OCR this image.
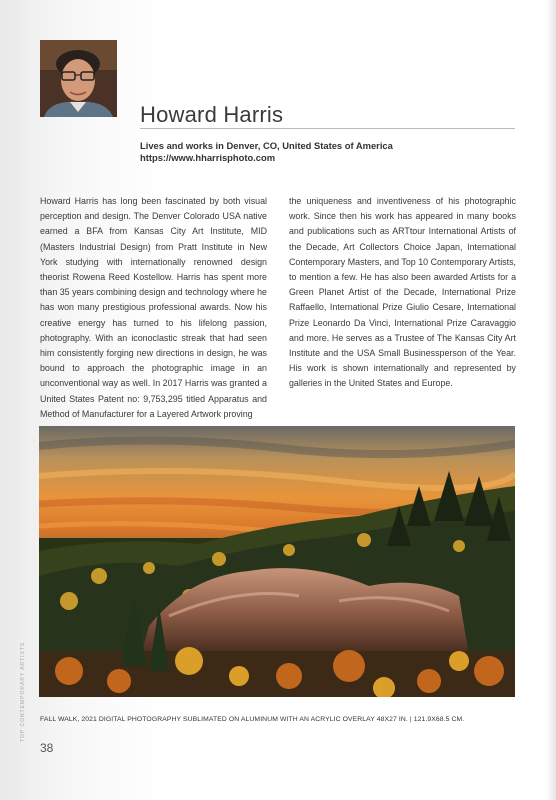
Howard Harris
Lives and works in Denver, CO, United States of America
https://www.hharrisphoto.com
Howard Harris has long been fascinated by both visual perception and design. The Denver Colorado USA native earned a BFA from Kansas City Art Institute, MID (Masters Industrial Design) from Pratt Institute in New York studying with internationally renowned design theorist Rowena Reed Kostellow. Harris has spent more than 35 years combining design and technology where he has won many prestigious professional awards. Now his creative energy has turned to his lifelong passion, photography. With an iconoclastic streak that had seen him consistently forging new directions in design, he was bound to approach the photographic image in an unconventional way as well. In 2017 Harris was granted a United States Patent no: 9,753,295 titled Apparatus and Method of Manufacturer for a Layered Artwork proving
the uniqueness and inventiveness of his photographic work. Since then his work has appeared in many books and publications such as ARTtour International Artists of the Decade, Art Collectors Choice Japan, International Contemporary Masters, and Top 10 Contemporary Artists, to mention a few. He has also been awarded Artists for a Green Planet Artist of the Decade, International Prize Raffaello, International Prize Giulio Cesare, International Prize Leonardo Da Vinci, International Prize Caravaggio and more. He serves as a Trustee of The Kansas City Art Institute and the USA Small Businessperson of the Year. His work is shown internationally and represented by galleries in the United States and Europe.
FALL WALK, 2021 DIGITAL PHOTOGRAPHY SUBLIMATED ON ALUMINUM WITH AN ACRYLIC OVERLAY 48X27 IN. | 121.9X68.5 CM.
TOP CONTEMPORARY ARTISTS
38
